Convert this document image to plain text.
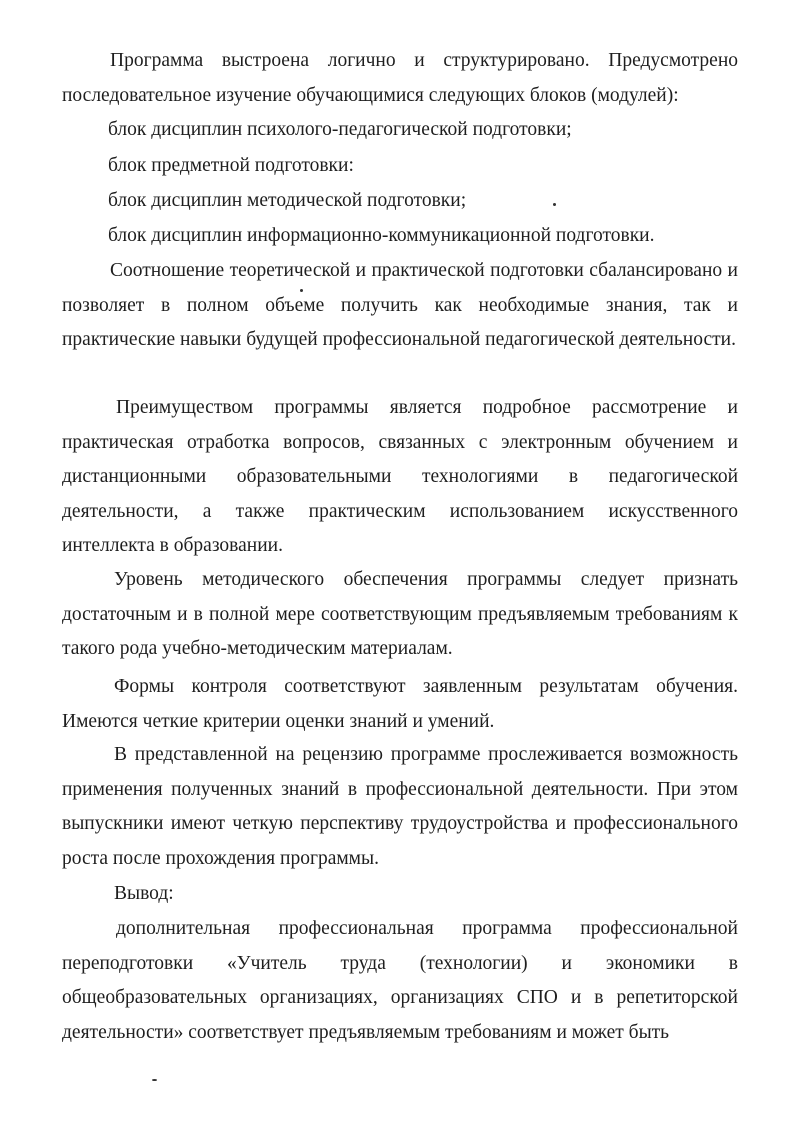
Программа выстроена логично и структурировано. Предусмотрено последовательное изучение обучающимися следующих блоков (модулей):

блок дисциплин психолого-педагогической подготовки;

блок предметной подготовки:

блок дисциплин методической подготовки;

блок дисциплин информационно-коммуникационной подготовки.

Соотношение теоретической и практической подготовки сбалансировано и позволяет в полном объеме получить как необходимые знания, так и практические навыки будущей профессиональной педагогической деятельности.

Преимуществом программы является подробное рассмотрение и практическая отработка вопросов, связанных с электронным обучением и дистанционными образовательными технологиями в педагогической деятельности, а также практическим использованием искусственного интеллекта в образовании.

Уровень методического обеспечения программы следует признать достаточным и в полной мере соответствующим предъявляемым требованиям к такого рода учебно-методическим материалам.

Формы контроля соответствуют заявленным результатам обучения. Имеются четкие критерии оценки знаний и умений.

В представленной на рецензию программе прослеживается возможность применения полученных знаний в профессиональной деятельности. При этом выпускники имеют четкую перспективу трудоустройства и профессионального роста после прохождения программы.

Вывод:

дополнительная профессиональная программа профессиональной переподготовки «Учитель труда (технологии) и экономики в общеобразовательных организациях, организациях СПО и в репетиторской деятельности» соответствует предъявляемым требованиям и может быть
